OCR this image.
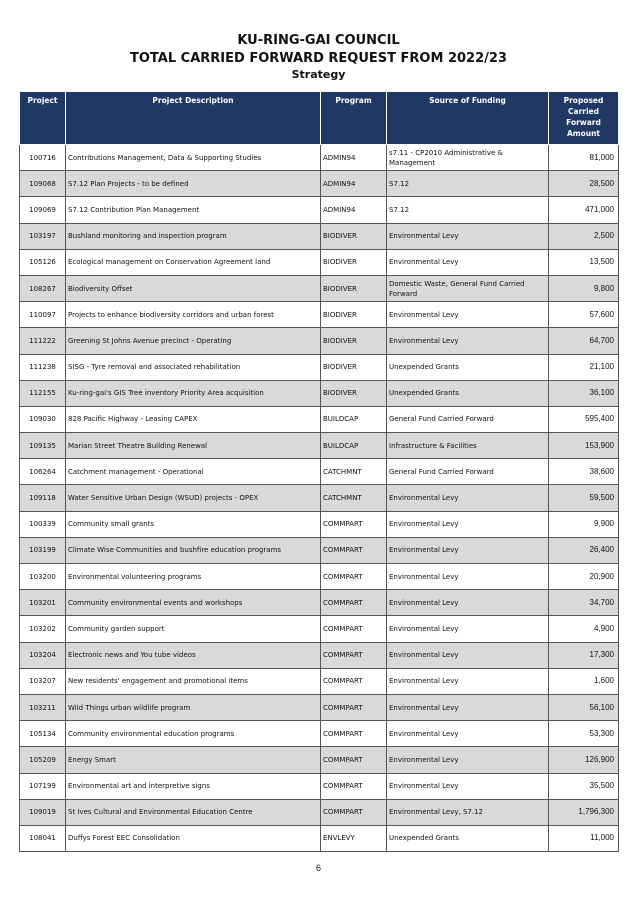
KU-RING-GAI COUNCIL
TOTAL CARRIED FORWARD REQUEST FROM 2022/23
Strategy
Project	Project Description	Program	Source of Funding	Proposed Carried Forward Amount
100716	Contributions Management, Data & Supporting Studies	ADMIN94	s7.11 - CP2010 Administrative & Management	81,000
109068	S7.12 Plan Projects - to be defined	ADMIN94	S7.12	28,500
109069	S7.12 Contribution Plan Management	ADMIN94	S7.12	471,000
103197	Bushland monitoring and inspection program	BIODIVER	Environmental Levy	2,500
105126	Ecological management on Conservation Agreement land	BIODIVER	Environmental Levy	13,500
108267	Biodiversity Offset	BIODIVER	Domestic Waste, General Fund Carried Forward	9,800
110097	Projects to enhance biodiversity corridors and urban forest	BIODIVER	Environmental Levy	57,600
111222	Greening St Johns Avenue precinct - Operating	BIODIVER	Environmental Levy	64,700
111238	SISG - Tyre removal and associated rehabilitation	BIODIVER	Unexpended Grants	21,100
112155	Ku-ring-gai's GIS Tree inventory Priority Area acquisition	BIODIVER	Unexpended Grants	36,100
109030	828 Pacific Highway - Leasing CAPEX	BUILDCAP	General Fund Carried Forward	595,400
109135	Marian Street Theatre Building Renewal	BUILDCAP	Infrastructure & Facilities	153,900
106264	Catchment management - Operational	CATCHMNT	General Fund Carried Forward	38,600
109118	Water Sensitive Urban Design (WSUD) projects - OPEX	CATCHMNT	Environmental Levy	59,500
100339	Community small grants	COMMPART	Environmental Levy	9,900
103199	Climate Wise Communities and bushfire education programs	COMMPART	Environmental Levy	26,400
103200	Environmental volunteering programs	COMMPART	Environmental Levy	20,900
103201	Community environmental events and workshops	COMMPART	Environmental Levy	34,700
103202	Community garden support	COMMPART	Environmental Levy	4,900
103204	Electronic news and You tube videos	COMMPART	Environmental Levy	17,300
103207	New residents' engagement and promotional items	COMMPART	Environmental Levy	1,600
103211	Wild Things urban wildlife program	COMMPART	Environmental Levy	56,100
105134	Community environmental education programs	COMMPART	Environmental Levy	53,300
105209	Energy Smart	COMMPART	Environmental Levy	126,900
107199	Environmental art and interpretive signs	COMMPART	Environmental Levy	35,500
109019	St Ives Cultural and Environmental Education Centre	COMMPART	Environmental Levy, S7.12	1,796,300
108041	Duffys Forest EEC Consolidation	ENVLEVY	Unexpended Grants	11,000
6
